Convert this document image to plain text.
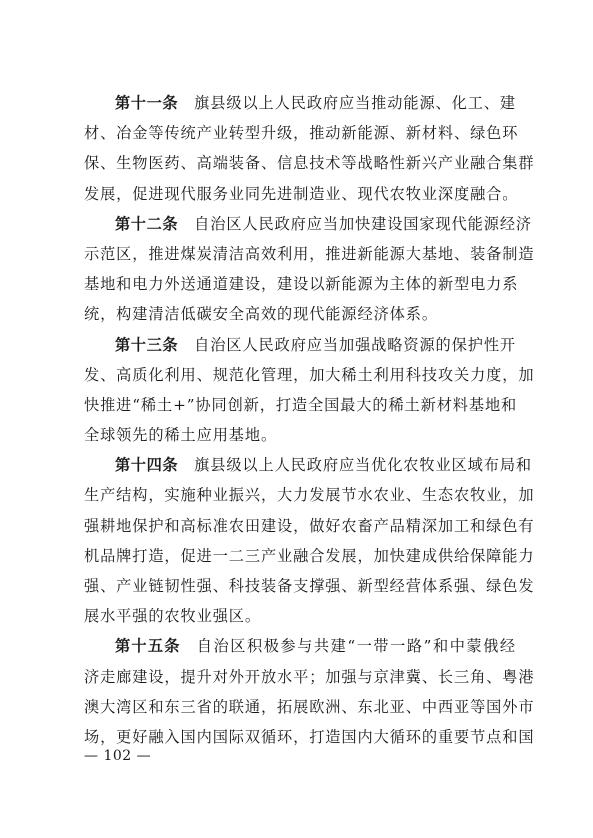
第十一条 旗县级以上人民政府应当推动能源、化工、建
材、冶金等传统产业转型升级，推动新能源、新材料、绿色环
保、生物医药、高端装备、信息技术等战略性新兴产业融合集群
发展，促进现代服务业同先进制造业、现代农牧业深度融合。
第十二条 自治区人民政府应当加快建设国家现代能源经济
示范区，推进煤炭清洁高效利用，推进新能源大基地、装备制造
基地和电力外送通道建设，建设以新能源为主体的新型电力系
统，构建清洁低碳安全高效的现代能源经济体系。
第十三条 自治区人民政府应当加强战略资源的保护性开
发、高质化利用、规范化管理，加大稀土利用科技攻关力度，加
快推进“稀土+”协同创新，打造全国最大的稀土新材料基地和
全球领先的稀土应用基地。
第十四条 旗县级以上人民政府应当优化农牧业区域布局和
生产结构，实施种业振兴，大力发展节水农业、生态农牧业，加
强耕地保护和高标准农田建设，做好农畜产品精深加工和绿色有
机品牌打造，促进一二三产业融合发展，加快建成供给保障能力
强、产业链韧性强、科技装备支撑强、新型经营体系强、绿色发
展水平强的农牧业强区。
第十五条 自治区积极参与共建“一带一路”和中蒙俄经
济走廊建设，提升对外开放水平；加强与京津冀、长三角、粤港
澳大湾区和东三省的联通，拓展欧洲、东北亚、中西亚等国外市
场，更好融入国内国际双循环，打造国内大循环的重要节点和国
— 102 —
